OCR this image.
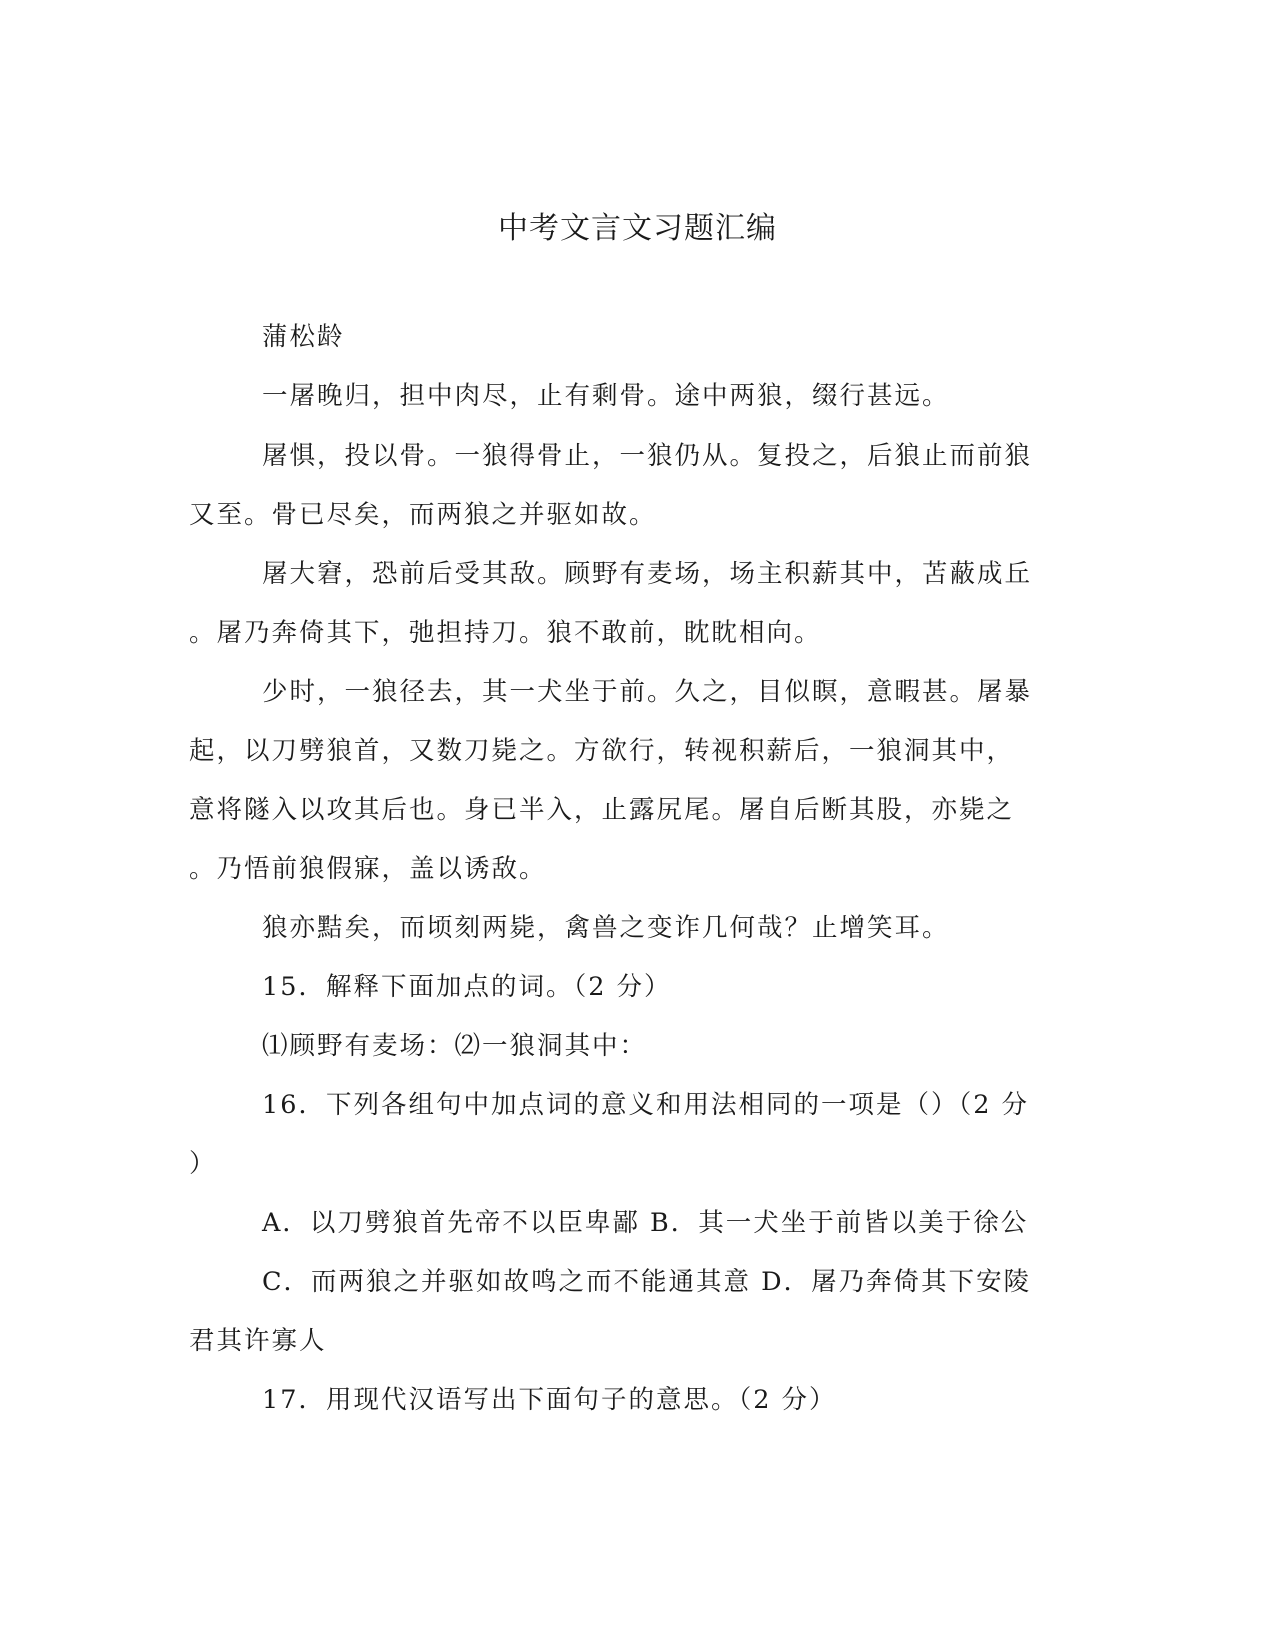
中考文言文习题汇编
蒲松龄
一屠晚归，担中肉尽，止有剩骨。途中两狼，缀行甚远。
屠惧，投以骨。一狼得骨止，一狼仍从。复投之，后狼止而前狼
又至。骨已尽矣，而两狼之并驱如故。
屠大窘，恐前后受其敌。顾野有麦场，场主积薪其中，苫蔽成丘
。屠乃奔倚其下，弛担持刀。狼不敢前，眈眈相向。
少时，一狼径去，其一犬坐于前。久之，目似瞑，意暇甚。屠暴
起，以刀劈狼首，又数刀毙之。方欲行，转视积薪后，一狼洞其中，
意将隧入以攻其后也。身已半入，止露尻尾。屠自后断其股，亦毙之
。乃悟前狼假寐，盖以诱敌。
狼亦黠矣，而顷刻两毙，禽兽之变诈几何哉？止增笑耳。
15．解释下面加点的词。（2 分）
⑴顾野有麦场：⑵一狼洞其中：
16．下列各组句中加点词的意义和用法相同的一项是（）（2 分
）
A．以刀劈狼首先帝不以臣卑鄙 B．其一犬坐于前皆以美于徐公
C．而两狼之并驱如故鸣之而不能通其意 D．屠乃奔倚其下安陵
君其许寡人
17．用现代汉语写出下面句子的意思。（2 分）
